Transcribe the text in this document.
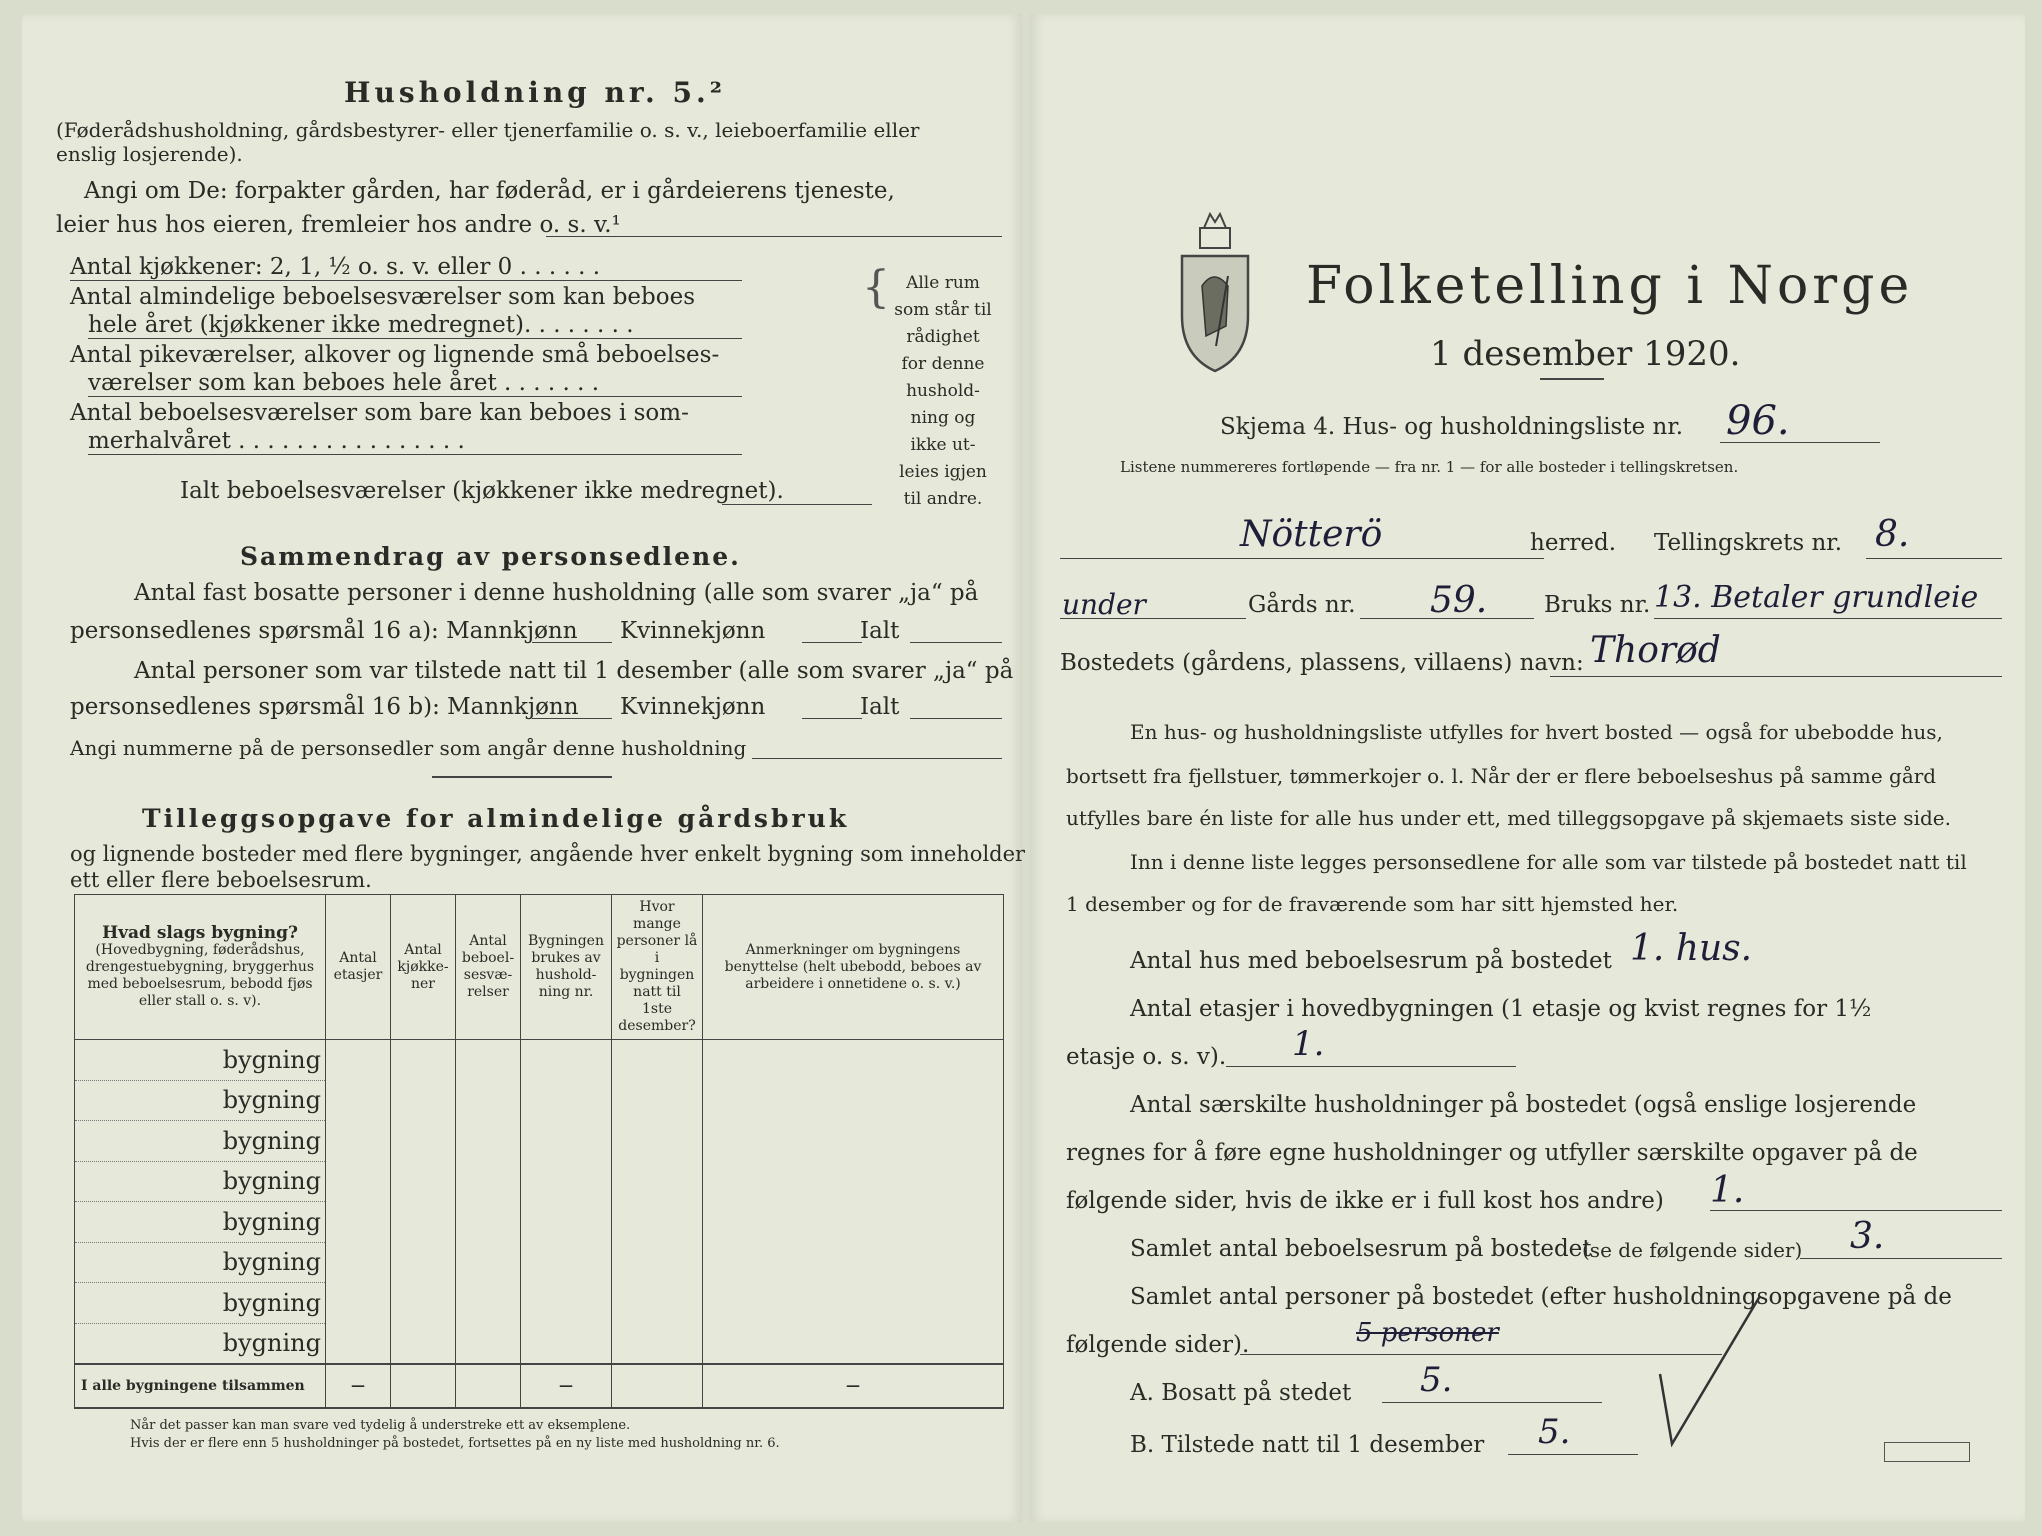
Husholdning nr. 5.²
(Føderådshusholdning, gårdsbestyrer- eller tjenerfamilie o. s. v., leieboerfamilie eller
enslig losjerende).
Angi om De: forpakter gården, har føderåd, er i gårdeierens tjeneste,
leier hus hos eieren, fremleier hos andre o. s. v.¹
Antal kjøkkener: 2, 1, ½ o. s. v. eller 0 . . . . . .
Antal almindelige beboelsesværelser som kan beboes
hele året (kjøkkener ikke medregnet). . . . . . . .
Antal pikeværelser, alkover og lignende små beboelses-
værelser som kan beboes hele året . . . . . . .
Antal beboelsesværelser som bare kan beboes i som-
merhalvåret . . . . . . . . . . . . . . . .
Ialt beboelsesværelser (kjøkkener ikke medregnet).
{ Alle rum
som står til
rådighet
for denne
hushold-
ning og
ikke ut-
leies igjen
til andre.
Sammendrag av personsedlene.
Antal fast bosatte personer i denne husholdning (alle som svarer „ja“ på
personsedlenes spørsmål 16 a): Mannkjønn Kvinnekjønn	Ialt
Antal personer som var tilstede natt til 1 desember (alle som svarer „ja“ på
personsedlenes spørsmål 16 b): Mannkjønn Kvinnekjønn	Ialt
Angi nummerne på de personsedler som angår denne husholdning
Tilleggsopgave for almindelige gårdsbruk
og lignende bosteder med flere bygninger, angående hver enkelt bygning som inneholder
ett eller flere beboelsesrum.
Hvad slags bygning?
(Hovedbygning, føderådshus, drengestuebygning, bryggerhus med beboelsesrum, bebodd fjøs eller stall o. s. v).	Antal etasjer	Antal kjøkke-ner	Antal beboel-sesvæ-relser	Bygningen brukes av hushold-ning nr.	Hvor mange personer lå i bygningen natt til 1ste desember?	Anmerkninger om bygningens benyttelse (helt ubebodd, beboes av arbeidere i onnetidene o. s. v.)
bygning						
bygning						
bygning						
bygning						
bygning						
bygning						
bygning						
bygning						
I alle bygningene tilsammen	—			—		—
Når det passer kan man svare ved tydelig å understreke ett av eksemplene.
Hvis der er flere enn 5 husholdninger på bostedet, fortsettes på en ny liste med husholdning nr. 6.
Folketelling i Norge
1 desember 1920.
Skjema 4. Hus- og husholdningsliste nr. 96.
Listene nummereres fortløpende — fra nr. 1 — for alle bosteder i tellingskretsen.
Nötterö	herred. Tellingskrets nr. 8.
under	Gårds nr. 59. Bruks nr. 13. Betaler grundleie
Bostedets (gårdens, plassens, villaens) navn: Thorød
En hus- og husholdningsliste utfylles for hvert bosted — også for ubebodde hus,
bortsett fra fjellstuer, tømmerkojer o. l. Når der er flere beboelseshus på samme gård
utfylles bare én liste for alle hus under ett, med tilleggsopgave på skjemaets siste side.
Inn i denne liste legges personsedlene for alle som var tilstede på bostedet natt til
1 desember og for de fraværende som har sitt hjemsted her.
Antal hus med beboelsesrum på bostedet 1. hus.
Antal etasjer i hovedbygningen (1 etasje og kvist regnes for 1½
etasje o. s. v). 1.
Antal særskilte husholdninger på bostedet (også enslige losjerende
regnes for å føre egne husholdninger og utfyller særskilte opgaver på de
følgende sider, hvis de ikke er i full kost hos andre) 1.
Samlet antal beboelsesrum på bostedet
(se de følgende sider) 3.
Samlet antal personer på bostedet (efter husholdningsopgavene på de
følgende sider).	5 personer
A. Bosatt på stedet 5.
B. Tilstede natt til 1 desember 5.
